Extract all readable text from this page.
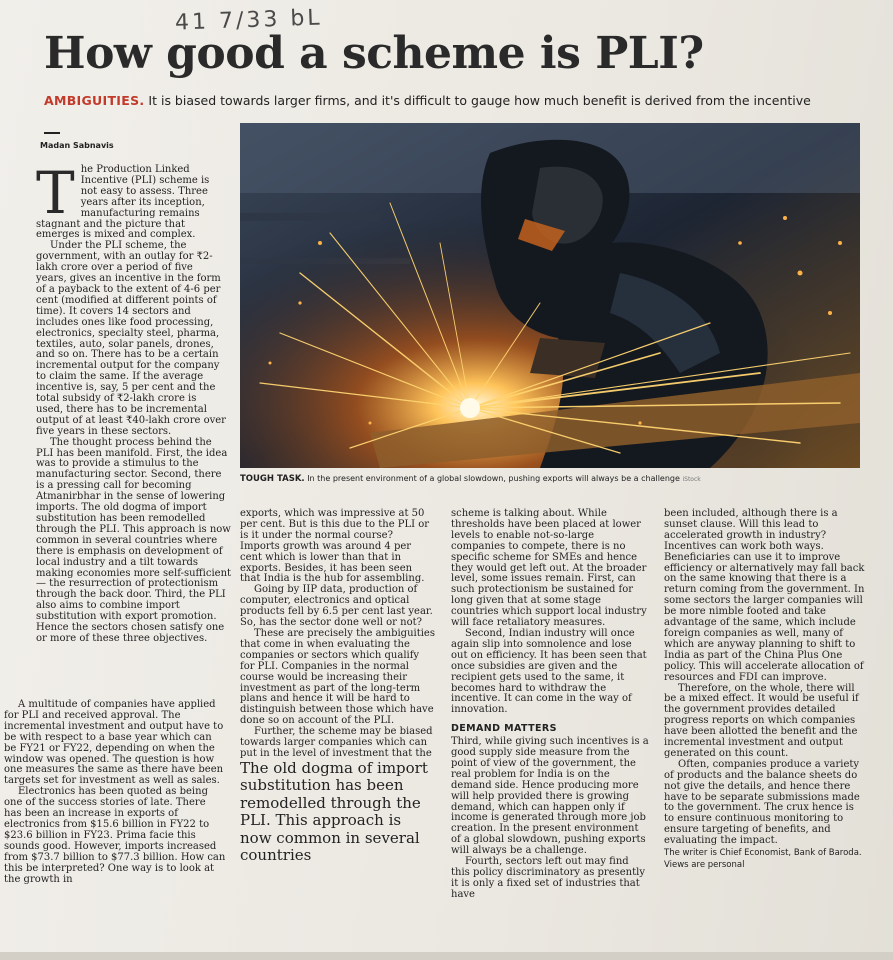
41 7/33 bL
How good a scheme is PLI?
AMBIGUITIES. It is biased towards larger firms, and it's difficult to gauge how much benefit is derived from the incentive
Madan Sabnavis
TOUGH TASK. In the present environment of a global slowdown, pushing exports will always be a challenge iStock

T he Production Linked Incentive (PLI) scheme is not easy to assess. Three years after its inception, manufacturing remains stagnant and the picture that emerges is mixed and complex.

Under the PLI scheme, the government, with an outlay for ₹2-lakh crore over a period of five years, gives an incentive in the form of a payback to the extent of 4-6 per cent (modified at different points of time). It covers 14 sectors and includes ones like food processing, electronics, specialty steel, pharma, textiles, auto, solar panels, drones, and so on. There has to be a certain incremental output for the company to claim the same. If the average incentive is, say, 5 per cent and the total subsidy of ₹2-lakh crore is used, there has to be incremental output of at least ₹40-lakh crore over five years in these sectors.

The thought process behind the PLI has been manifold. First, the idea was to provide a stimulus to the manufacturing sector. Second, there is a pressing call for becoming Atmanirbhar in the sense of lowering imports. The old dogma of import substitution has been remodelled through the PLI. This approach is now common in several countries where there is emphasis on development of local industry and a tilt towards making economies more self-sufficient — the resurrection of protectionism through the back door. Third, the PLI also aims to combine import substitution with export promotion. Hence the sectors chosen satisfy one or more of these three objectives.

A multitude of companies have applied for PLI and received approval. The incremental investment and output have to be with respect to a base year which can be FY21 or FY22, depending on when the window was opened. The question is how one measures the same as there have been targets set for investment as well as sales.

Electronics has been quoted as being one of the success stories of late. There has been an increase in exports of electronics from $15.6 billion in FY22 to $23.6 billion in FY23. Prima facie this sounds good. However, imports increased from $73.7 billion to $77.3 billion. How can this be interpreted? One way is to look at the growth in

exports, which was impressive at 50 per cent. But is this due to the PLI or is it under the normal course? Imports growth was around 4 per cent which is lower than that in exports. Besides, it has been seen that India is the hub for assembling.

Going by IIP data, production of computer, electronics and optical products fell by 6.5 per cent last year. So, has the sector done well or not?

These are precisely the ambiguities that come in when evaluating the companies or sectors which qualify for PLI. Companies in the normal course would be increasing their investment as part of the long-term plans and hence it will be hard to distinguish between those which have done so on account of the PLI.

Further, the scheme may be biased towards larger companies which can put in the level of investment that the

The old dogma of import substitution has been remodelled through the PLI. This approach is now common in several countries

scheme is talking about. While thresholds have been placed at lower levels to enable not-so-large companies to compete, there is no specific scheme for SMEs and hence they would get left out. At the broader level, some issues remain. First, can such protectionism be sustained for long given that at some stage countries which support local industry will face retaliatory measures.

Second, Indian industry will once again slip into somnolence and lose out on efficiency. It has been seen that once subsidies are given and the recipient gets used to the same, it becomes hard to withdraw the incentive. It can come in the way of innovation.

DEMAND MATTERS

Third, while giving such incentives is a good supply side measure from the point of view of the government, the real problem for India is on the demand side. Hence producing more will help provided there is growing demand, which can happen only if income is generated through more job creation. In the present environment of a global slowdown, pushing exports will always be a challenge.

Fourth, sectors left out may find this policy discriminatory as presently it is only a fixed set of industries that have

been included, although there is a sunset clause. Will this lead to accelerated growth in industry? Incentives can work both ways. Beneficiaries can use it to improve efficiency or alternatively may fall back on the same knowing that there is a return coming from the government. In some sectors the larger companies will be more nimble footed and take advantage of the same, which include foreign companies as well, many of which are anyway planning to shift to India as part of the China Plus One policy. This will accelerate allocation of resources and FDI can improve.

Therefore, on the whole, there will be a mixed effect. It would be useful if the government provides detailed progress reports on which companies have been allotted the benefit and the incremental investment and output generated on this count.

Often, companies produce a variety of products and the balance sheets do not give the details, and hence there have to be separate submissions made to the government. The crux hence is to ensure continuous monitoring to ensure targeting of benefits, and evaluating the impact.

The writer is Chief Economist, Bank of Baroda. Views are personal
